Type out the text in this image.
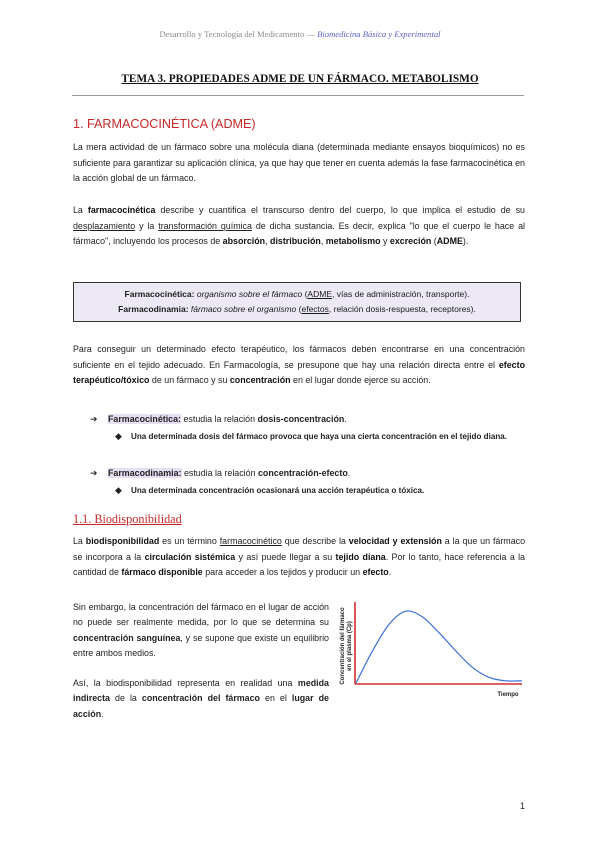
Desarrollo y Tecnología del Medicamento — Biomedicina Básica y Experimental
TEMA 3. PROPIEDADES ADME DE UN FÁRMACO. METABOLISMO
1. FARMACOCINÉTICA (ADME)
La mera actividad de un fármaco sobre una molécula diana (determinada mediante ensayos bioquímicos) no es suficiente para garantizar su aplicación clínica, ya que hay que tener en cuenta además la fase farmacocinética en la acción global de un fármaco.
La farmacocinética describe y cuantifica el transcurso dentro del cuerpo, lo que implica el estudio de su desplazamiento y la transformación química de dicha sustancia. Es decir, explica "lo que el cuerpo le hace al fármaco", incluyendo los procesos de absorción, distribución, metabolismo y excreción (ADME).
Farmacocinética: organismo sobre el fármaco (ADME, vías de administración, transporte).
Farmacodinamia: fármaco sobre el organismo (efectos, relación dosis-respuesta, receptores).
Para conseguir un determinado efecto terapéutico, los fármacos deben encontrarse en una concentración suficiente en el tejido adecuado. En Farmacología, se presupone que hay una relación directa entre el efecto terapéutico/tóxico de un fármaco y su concentración en el lugar donde ejerce su acción.
➔ Farmacocinética: estudia la relación dosis-concentración.
◆ Una determinada dosis del fármaco provoca que haya una cierta concentración en el tejido diana.
➔ Farmacodinamia: estudia la relación concentración-efecto.
◆ Una determinada concentración ocasionará una acción terapéutica o tóxica.
1.1. Biodisponibilidad
La biodisponibilidad es un término farmacocinético que describe la velocidad y extensión a la que un fármaco se incorpora a la circulación sistémica y así puede llegar a su tejido diana. Por lo tanto, hace referencia a la cantidad de fármaco disponible para acceder a los tejidos y producir un efecto.
Sin embargo, la concentración del fármaco en el lugar de acción no puede ser realmente medida, por lo que se determina su concentración sanguínea, y se supone que existe un equilibrio entre ambos medios.
Así, la biodisponibilidad representa en realidad una medida indirecta de la concentración del fármaco en el lugar de acción.
Concentración del fármaco en el plasma (Cp)
Tiempo
1
